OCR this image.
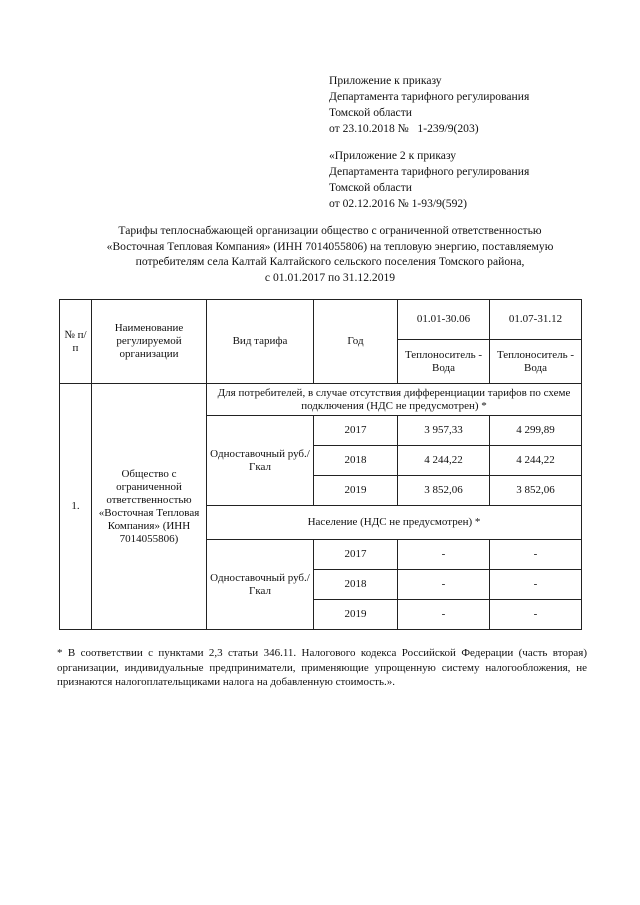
Приложение к приказу
Департамента тарифного регулирования
Томской области
от 23.10.2018 №   1-239/9(203)
«Приложение 2 к приказу
Департамента тарифного регулирования
Томской области
от 02.12.2016 № 1-93/9(592)
Тарифы теплоснабжающей организации общество с ограниченной ответственностью
«Восточная Тепловая Компания» (ИНН 7014055806) на тепловую энергию, поставляемую
потребителям села Калтай Калтайского сельского поселения Томского района,
с 01.01.2017 по 31.12.2019
№ п/п	Наименование регулируемой организации	Вид тарифа	Год	01.01-30.06	01.07-31.12
				Теплоноситель - Вода	Теплоноситель - Вода
1.	Общество с ограниченной ответственностью «Восточная Тепловая Компания» (ИНН 7014055806)	Для потребителей, в случае отсутствия дифференциации тарифов по схеме подключения (НДС не предусмотрен) *			
		Одноставочный руб./Гкал	2017	3 957,33	4 299,89
			2018	4 244,22	4 244,22
			2019	3 852,06	3 852,06
		Население (НДС не предусмотрен) *			
		Одноставочный руб./Гкал	2017	-	-
			2018	-	-
			2019	-	-
* В соответствии с пунктами 2,3 статьи 346.11. Налогового кодекса Российской Федерации (часть вторая) организации, индивидуальные предприниматели, применяющие упрощенную систему налогообложения, не признаются налогоплательщиками налога на добавленную стоимость.».
